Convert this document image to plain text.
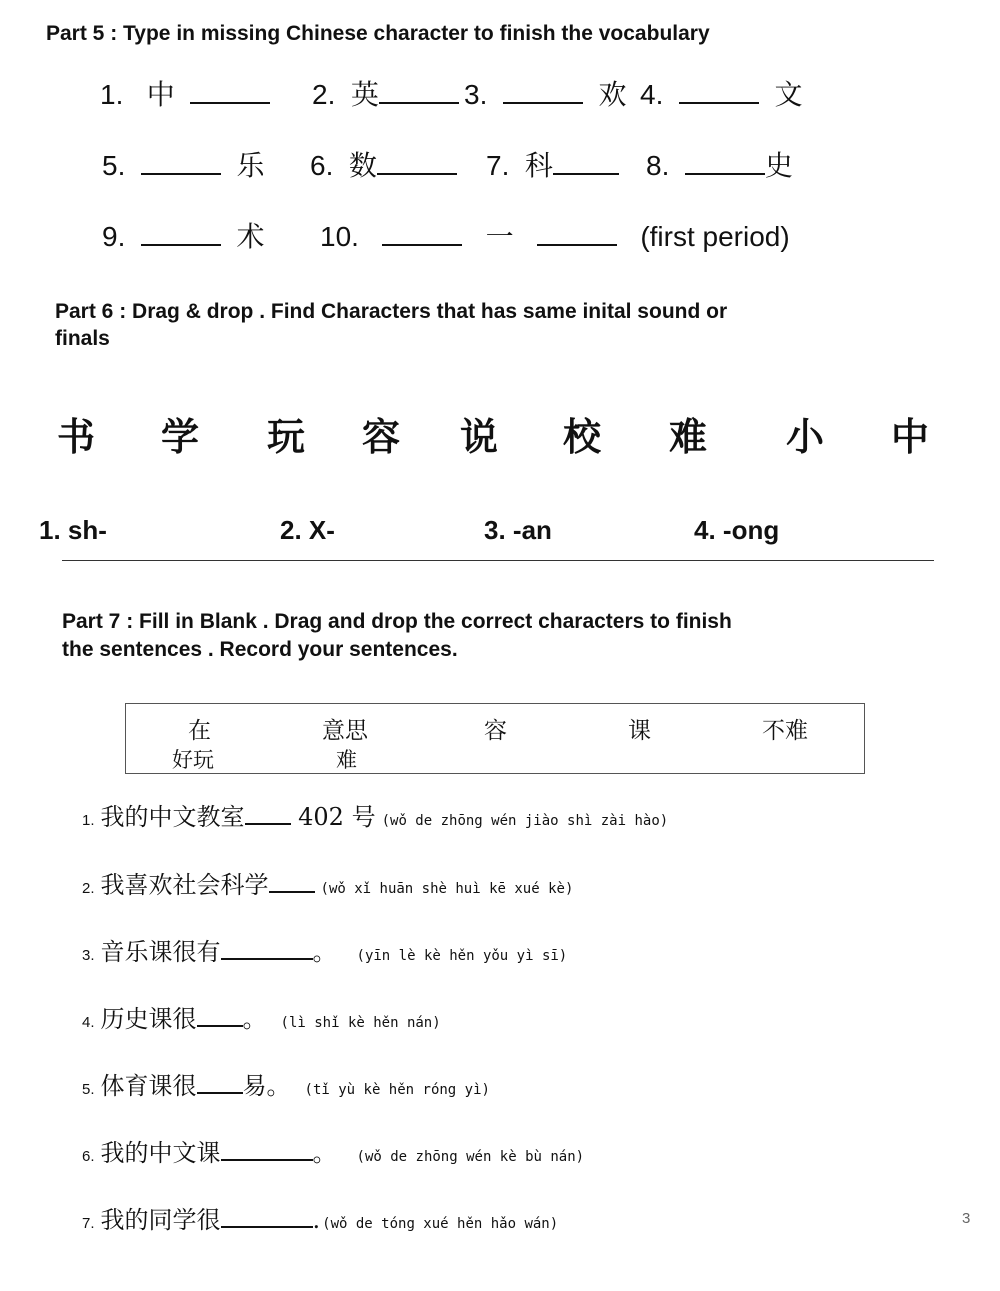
Part 5 : Type in missing Chinese character to finish the vocabulary
1. 中	2. 英	3.	欢 4.	文
5.	乐 6. 数	7. 科	8.	史
9.	术 10.	一	(first period)
Part 6 : Drag & drop . Find Characters that has same inital sound or
finals
书 学 玩 容 说 校 难 小 中
1. sh-	2. X-	3. -an	4. -ong
Part 7 : Fill in Blank . Drag and drop the correct characters to finish
the sentences . Record your sentences.
在	意思	容	课	不难
好玩	难
1. 我的中文教室 402 号 (wǒ de zhōng wén jiào shì zài hào)
2. 我喜欢社会科学	(wǒ xǐ huān shè huì kē xué kè)
3. 音乐课很有	。 (yīn lè kè hěn yǒu yì sī)
4. 历史课很 。 (lì shǐ kè hěn nán)
5. 体育课很 易。 (tǐ yù kè hěn róng yì)
6. 我的中文课	。 (wǒ de zhōng wén kè bù nán)
7. 我的同学很	. (wǒ de tóng xué hěn hǎo wán)	3
